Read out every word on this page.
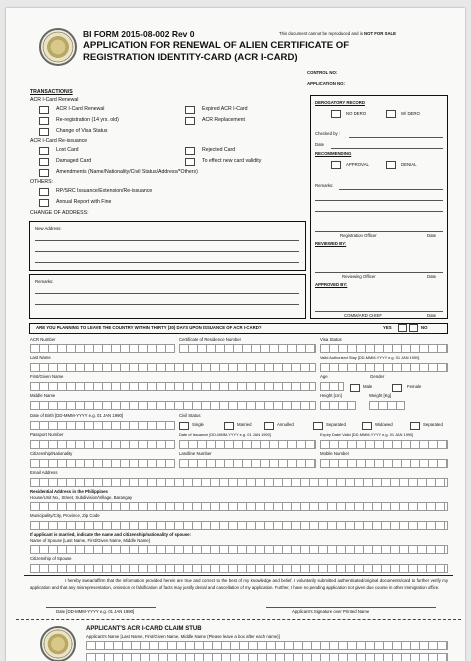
BI FORM 2015-08-002 Rev 0	This document cannot be reproduced and is NOT FOR SALE
APPLICATION FOR RENEWAL OF ALIEN CERTIFICATE OF
REGISTRATION IDENTITY-CARD (ACR I-CARD)
CONTROL NO:
APPLICATION NO:
TRANSACTION/S
ACR I-Card Renewal
ACR I-Card Renewal
Re-registration (14 yrs. old)
Change of Visa Status
Expired ACR I-Card
ACR Replacement
ACR I-Card Re-issuance
Lost Card
Damaged Card
Amendments (Name/Nationality/Civil Status/Address/*Others)
Rejected Card
To effect new card validity
OTHERS:
RP/SRC Issuance/Extension/Re-issuance
Annual Report with Fine
CHANGE OF ADDRESS:
New Address:
Remarks:
DEROGATORY RECORD
NO DERO	W/ DERO
Checked by :
Date
RECOMMENDING
APPROVAL	DENIAL
Remarks:
Registration Officer	Date
REVIEWED BY:
Reviewing Officer	Date
APPROVED BY:
COMM/ARD CHIEF	Date
ARE YOU PLANNING TO LEAVE THE COUNTRY WITHIN THIRTY (30) DAYS UPON ISSUANCE OF ACR I-CARD?	YES	NO
ACR Number	Certificate of Residence Number	Visa Status
Last Name	Valid Authorized Stay [DD-MMM-YYYY e.g. 01 JAN 1990]
First/Given Name	Age	Gender
Male	Female
Middle Name	Height [cm]	Weight [Kg]
Date of Birth [DD-MMM-YYYY e.g. 01 JAN 1990]	Civil Status
Single	Married	Annulled	Separated	Widowed	Separated
Passport Number	Date of Issuance [DD-MMM-YYYY e.g. 01 JAN 1990]	Expiry Date/ Valid [DD-MMM-YYYY e.g. 01 JAN 1990]
Citizenship/Nationality	Landline Number	Mobile Number
Email Address
Residential Address in the Philippines
House/Unit No., Street, Subdivision/Village, Barangay
Municipality/City, Province, Zip Code
If applicant is married, indicate the name and citizenship/nationality of spouse:
Name of Spouse [Last Name, First/Given Name, Middle Name]
Citizenship of Spouse
I hereby swear/affirm that the information provided herein are true and correct to the best of my knowledge and belief. I voluntarily submitted authenticated/original documents/card to further verify my application and that any misrepresentation, omission or falsification of facts may justify denial and cancellation of my application. Further, I have no pending application not given due course in other immigration office.
Date [DD-MMM-YYYY e.g. 01 JAN 1990]	Applicant's Signature over Printed Name
APPLICANT'S ACR I-CARD CLAIM STUB
Applicant's Name [Last Name, First/Given Name, Middle Name (Please leave a box after each name)]
